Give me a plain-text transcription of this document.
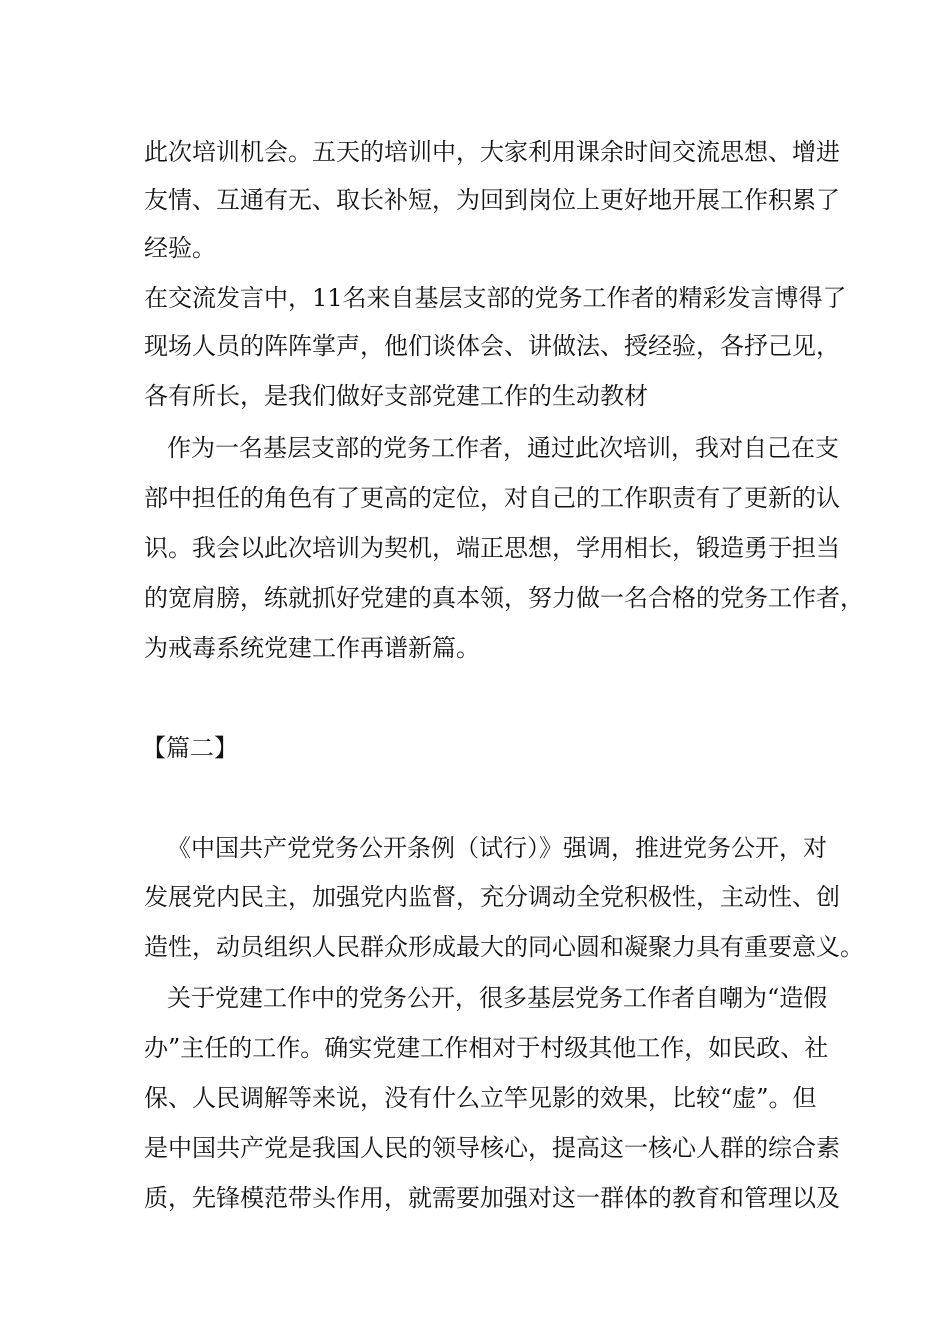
此次培训机会。五天的培训中，大家利用课余时间交流思想、增进
友情、互通有无、取长补短，为回到岗位上更好地开展工作积累了
经验。
在交流发言中，11名来自基层支部的党务工作者的精彩发言博得了
现场人员的阵阵掌声，他们谈体会、讲做法、授经验，各抒己见，
各有所长，是我们做好支部党建工作的生动教材
作为一名基层支部的党务工作者，通过此次培训，我对自己在支
部中担任的角色有了更高的定位，对自己的工作职责有了更新的认
识。我会以此次培训为契机，端正思想，学用相长，锻造勇于担当
的宽肩膀，练就抓好党建的真本领，努力做一名合格的党务工作者，
为戒毒系统党建工作再谱新篇。
【篇二】
《中国共产党党务公开条例（试行）》强调，推进党务公开，对
发展党内民主，加强党内监督，充分调动全党积极性，主动性、创
造性，动员组织人民群众形成最大的同心圆和凝聚力具有重要意义。
关于党建工作中的党务公开，很多基层党务工作者自嘲为“造假
办”主任的工作。确实党建工作相对于村级其他工作，如民政、社
保、人民调解等来说，没有什么立竿见影的效果，比较“虚”。但
是中国共产党是我国人民的领导核心，提高这一核心人群的综合素
质，先锋模范带头作用，就需要加强对这一群体的教育和管理以及
